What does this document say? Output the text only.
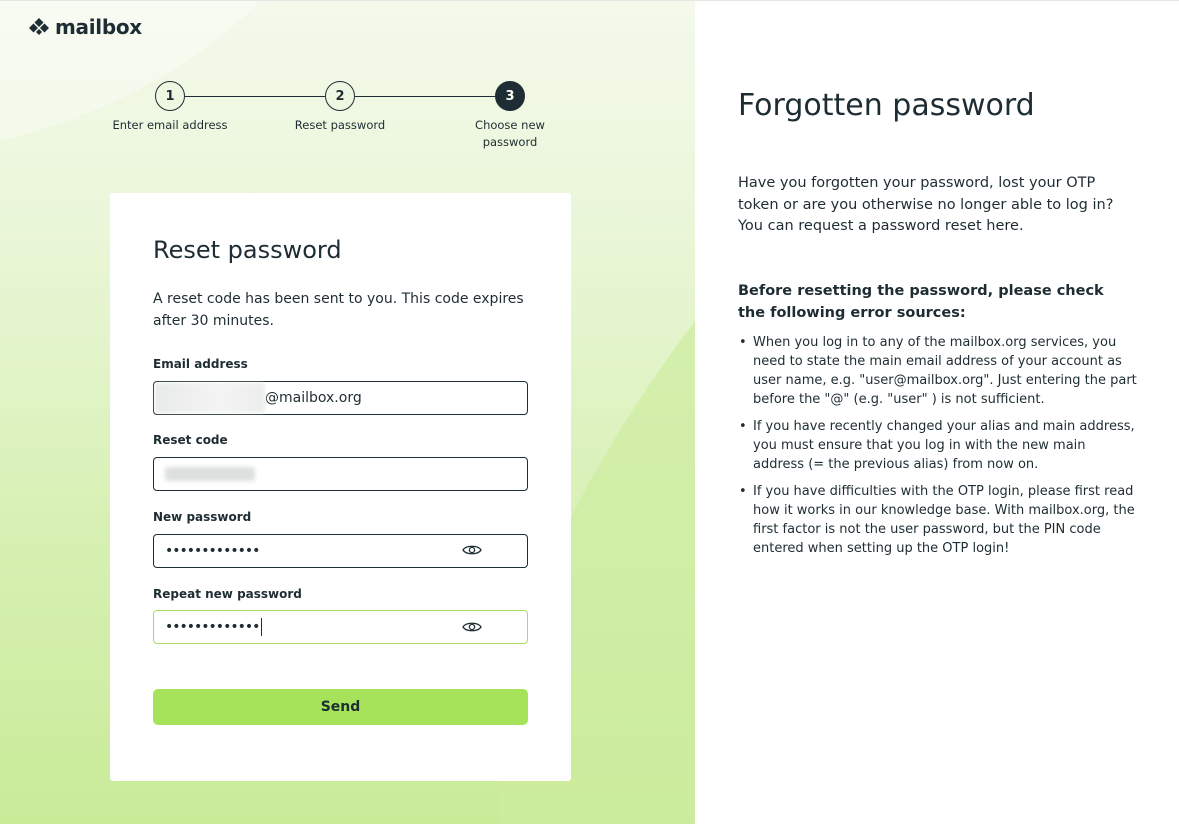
mailbox
1	2	3
Enter email address	Reset password	Choose new password
Reset password

A reset code has been sent to you. This code expires after 30 minutes.

Email address
@mailbox.org
Reset code
New password
•••••••••••••
Repeat new password
•••••••••••••
Send
Forgotten password

Have you forgotten your password, lost your OTP token or are you otherwise no longer able to log in? You can request a password reset here.

Before resetting the password, please check the following error sources:

• When you log in to any of the mailbox.org services, you need to state the main email address of your account as user name, e.g. "user@mailbox.org". Just entering the part before the "@" (e.g. "user" ) is not sufficient.
• If you have recently changed your alias and main address, you must ensure that you log in with the new main address (= the previous alias) from now on.
• If you have difficulties with the OTP login, please first read how it works in our knowledge base. With mailbox.org, the first factor is not the user password, but the PIN code entered when setting up the OTP login!
